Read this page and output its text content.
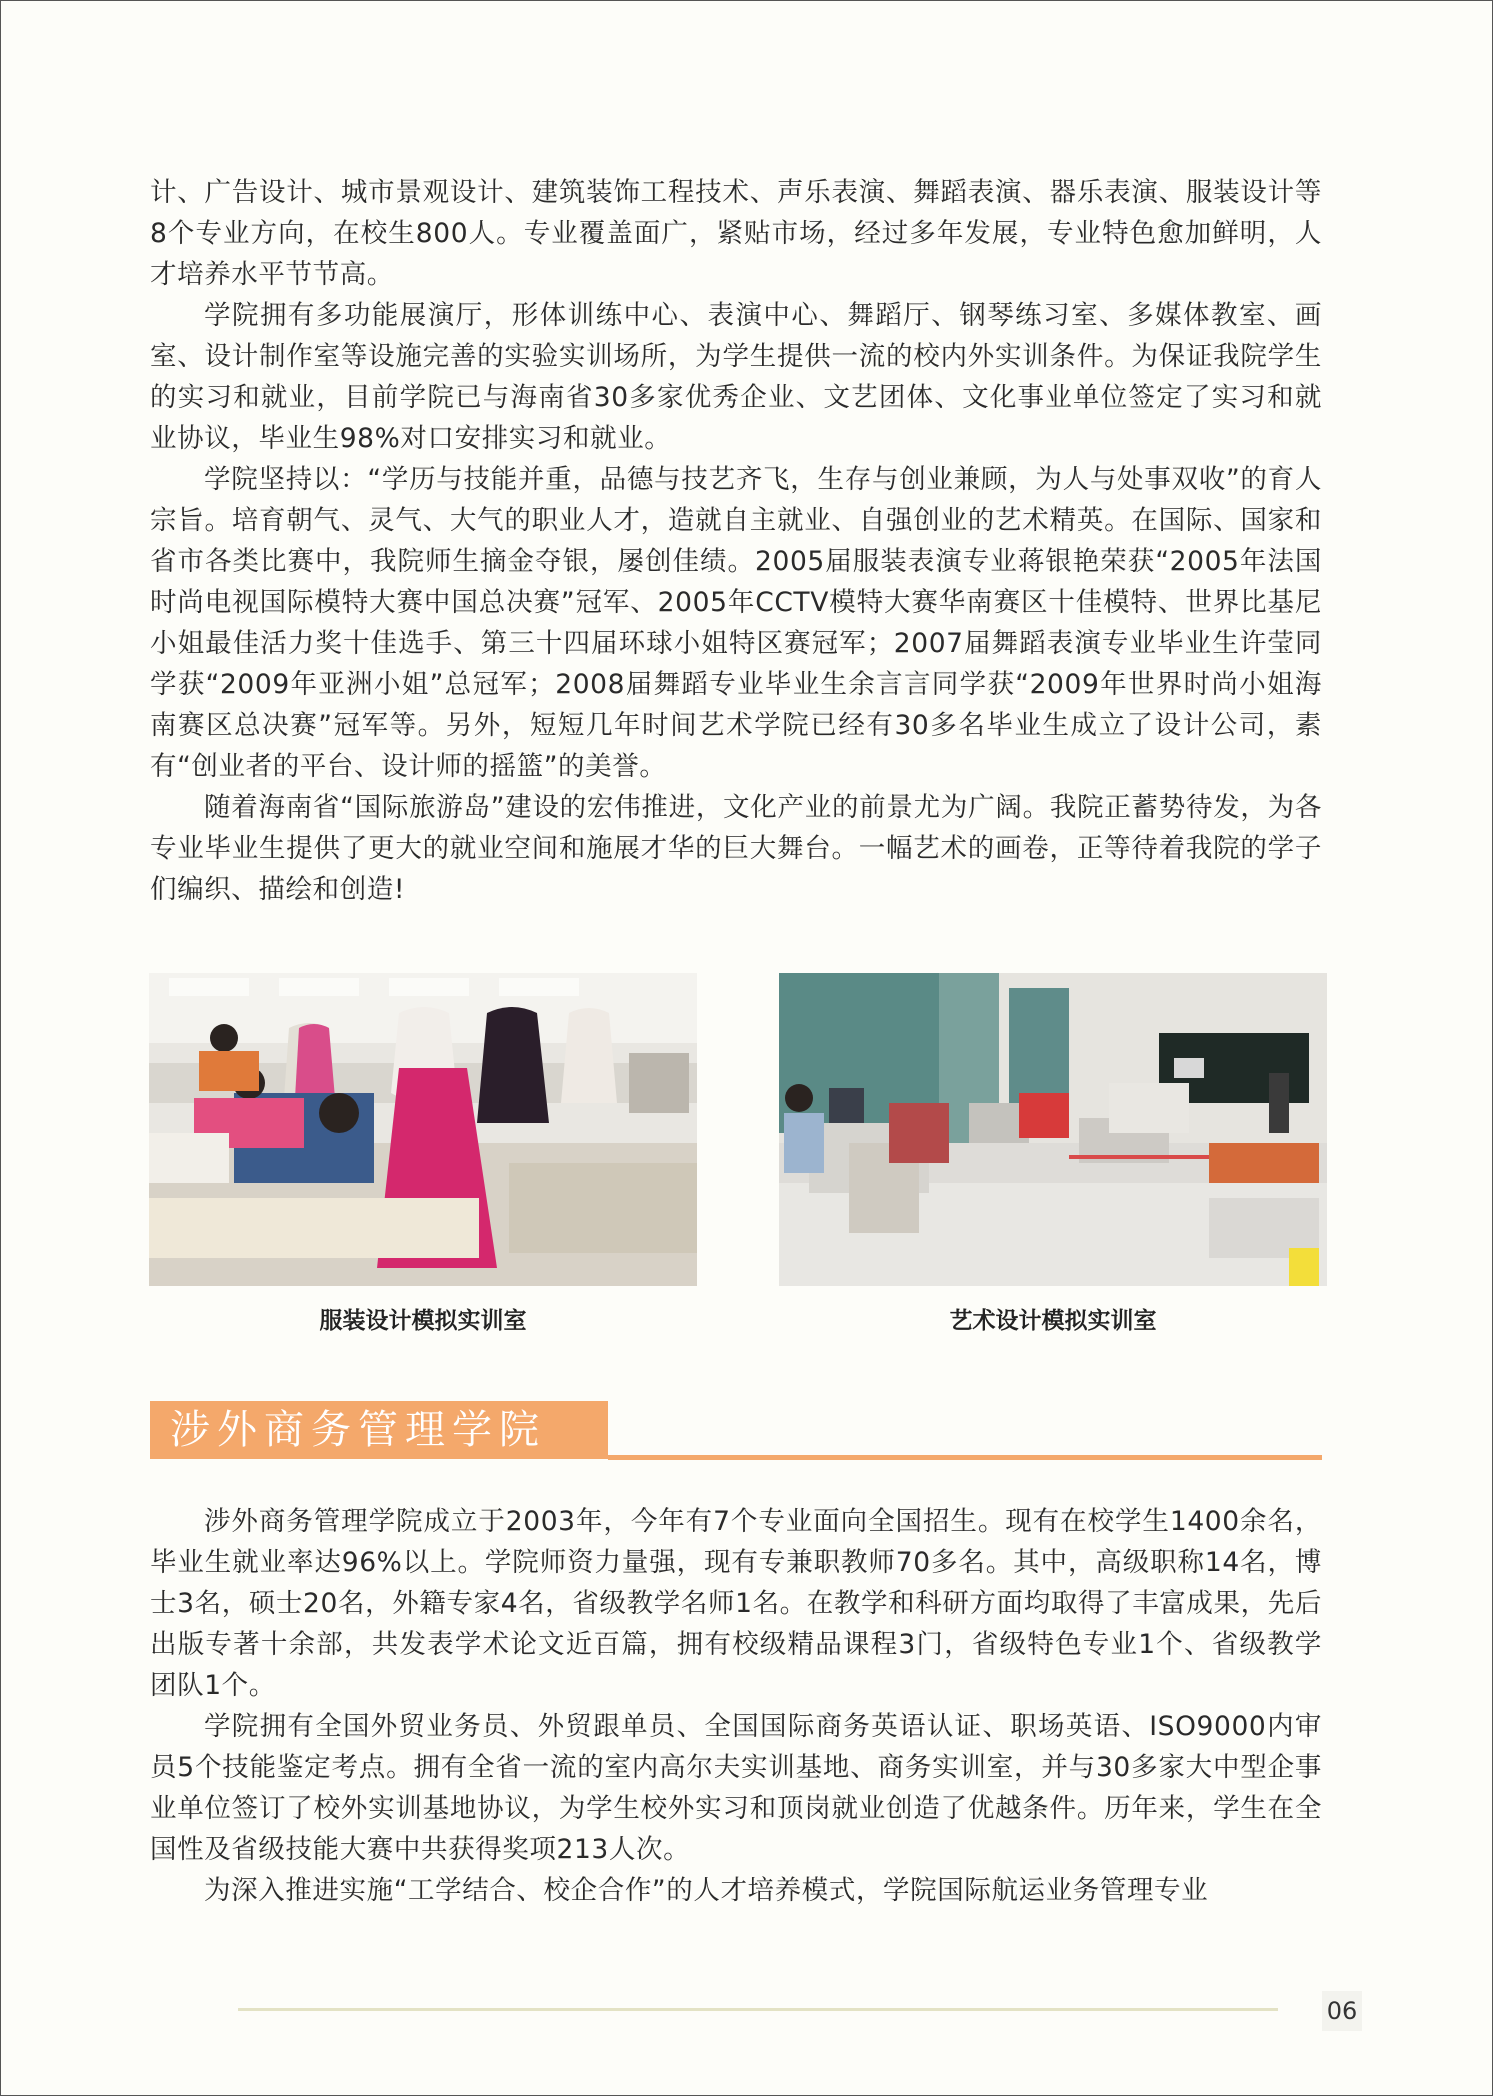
计、广告设计、城市景观设计、建筑装饰工程技术、声乐表演、舞蹈表演、器乐表演、服装设计等8个专业方向，在校生800人。专业覆盖面广，紧贴市场，经过多年发展，专业特色愈加鲜明，人才培养水平节节高。

学院拥有多功能展演厅，形体训练中心、表演中心、舞蹈厅、钢琴练习室、多媒体教室、画室、设计制作室等设施完善的实验实训场所，为学生提供一流的校内外实训条件。为保证我院学生的实习和就业，目前学院已与海南省30多家优秀企业、文艺团体、文化事业单位签定了实习和就业协议，毕业生98%对口安排实习和就业。

学院坚持以：“学历与技能并重，品德与技艺齐飞，生存与创业兼顾，为人与处事双收”的育人宗旨。培育朝气、灵气、大气的职业人才，造就自主就业、自强创业的艺术精英。在国际、国家和省市各类比赛中，我院师生摘金夺银，屡创佳绩。2005届服装表演专业蒋银艳荣获“2005年法国时尚电视国际模特大赛中国总决赛”冠军、2005年CCTV模特大赛华南赛区十佳模特、世界比基尼小姐最佳活力奖十佳选手、第三十四届环球小姐特区赛冠军；2007届舞蹈表演专业毕业生许莹同学获“2009年亚洲小姐”总冠军；2008届舞蹈专业毕业生余言言同学获“2009年世界时尚小姐海南赛区总决赛”冠军等。另外，短短几年时间艺术学院已经有30多名毕业生成立了设计公司，素有“创业者的平台、设计师的摇篮”的美誉。

随着海南省“国际旅游岛”建设的宏伟推进，文化产业的前景尤为广阔。我院正蓄势待发，为各专业毕业生提供了更大的就业空间和施展才华的巨大舞台。一幅艺术的画卷，正等待着我院的学子们编织、描绘和创造!

服装设计模拟实训室	艺术设计模拟实训室
涉外商务管理学院

涉外商务管理学院成立于2003年，今年有7个专业面向全国招生。现有在校学生1400余名，毕业生就业率达96%以上。学院师资力量强，现有专兼职教师70多名。其中，高级职称14名，博士3名，硕士20名，外籍专家4名，省级教学名师1名。在教学和科研方面均取得了丰富成果，先后出版专著十余部，共发表学术论文近百篇，拥有校级精品课程3门，省级特色专业1个、省级教学团队1个。

学院拥有全国外贸业务员、外贸跟单员、全国国际商务英语认证、职场英语、ISO9000内审员5个技能鉴定考点。拥有全省一流的室内高尔夫实训基地、商务实训室，并与30多家大中型企事业单位签订了校外实训基地协议，为学生校外实习和顶岗就业创造了优越条件。历年来，学生在全国性及省级技能大赛中共获得奖项213人次。

为深入推进实施“工学结合、校企合作”的人才培养模式，学院国际航运业务管理专业

06
